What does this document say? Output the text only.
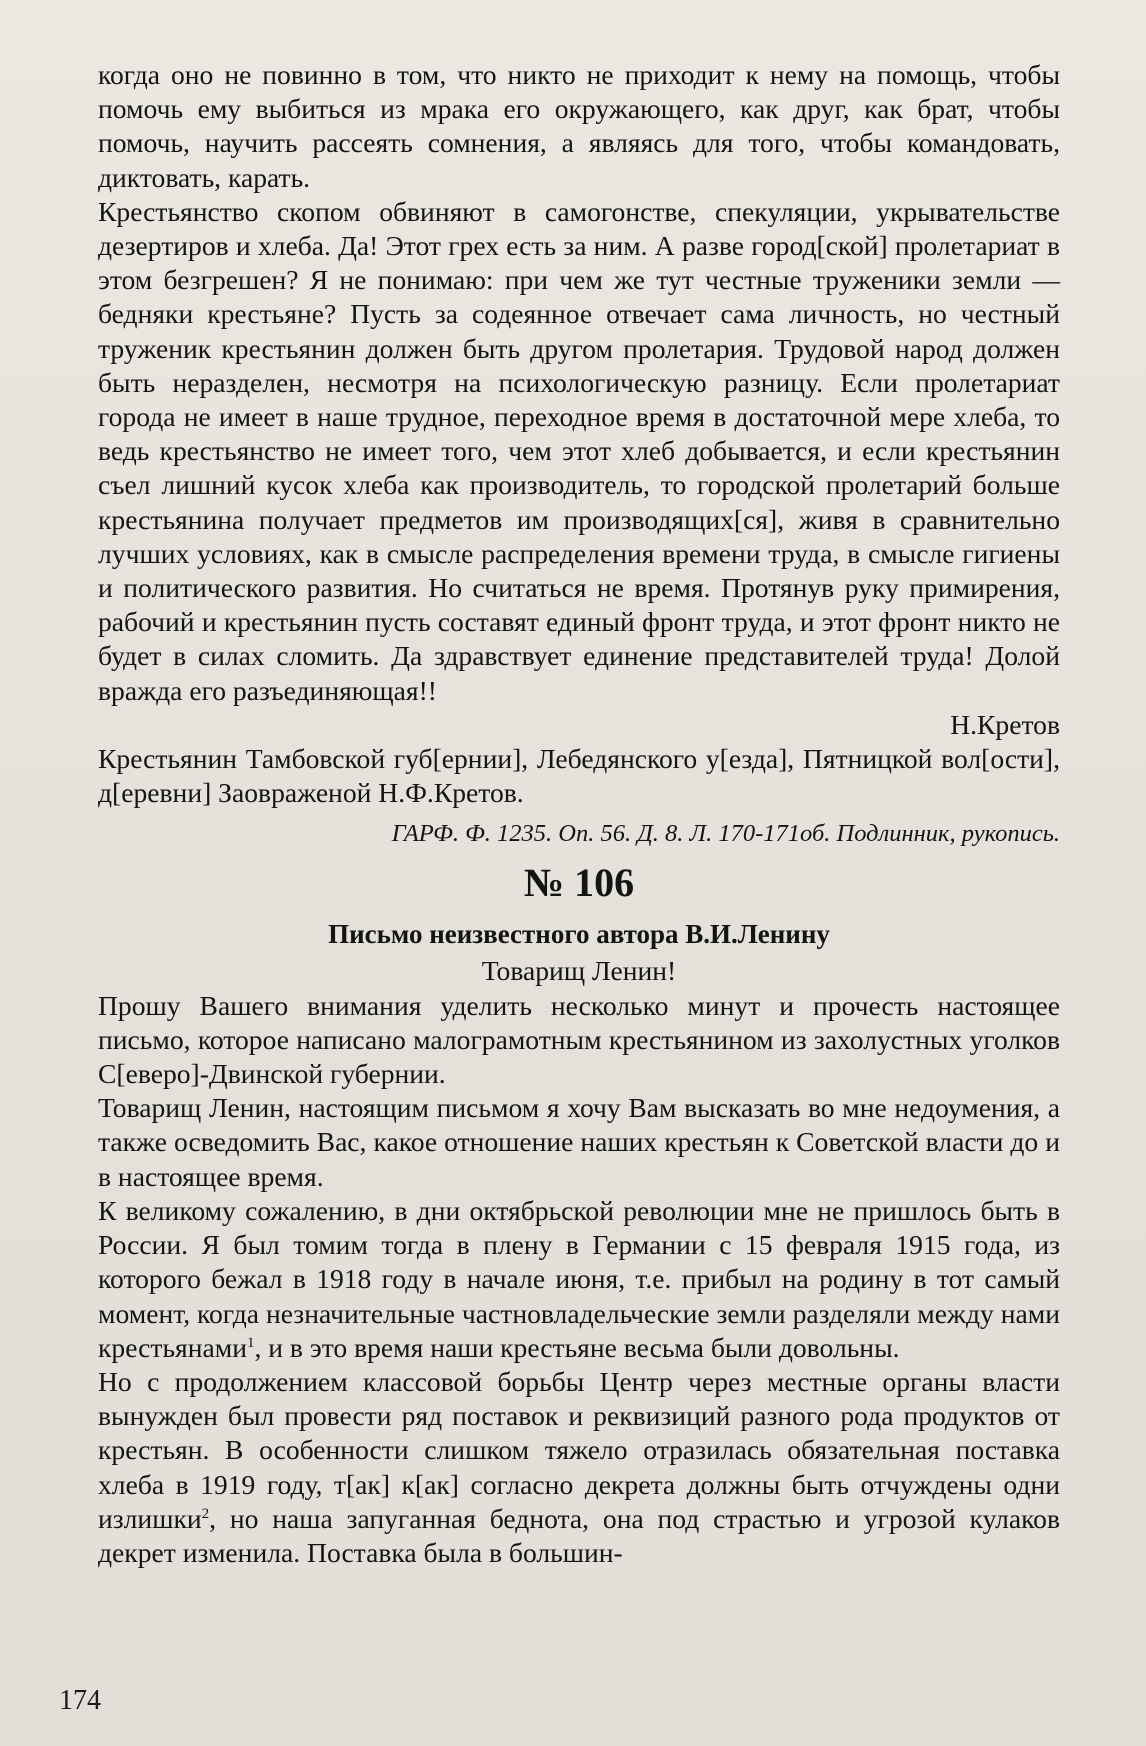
когда оно не повинно в том, что никто не приходит к нему на помощь, чтобы помочь ему выбиться из мрака его окружающего, как друг, как брат, чтобы помочь, научить рассеять сомнения, а являясь для того, чтобы командовать, диктовать, карать.

Крестьянство скопом обвиняют в самогонстве, спекуляции, укрывательстве дезертиров и хлеба. Да! Этот грех есть за ним. А разве город[ской] пролетариат в этом безгрешен? Я не понимаю: при чем же тут честные труженики земли — бедняки крестьяне? Пусть за содеянное отвечает сама личность, но честный труженик крестьянин должен быть другом пролетария. Трудовой народ должен быть неразделен, несмотря на психологическую разницу. Если пролетариат города не имеет в наше трудное, переходное время в достаточной мере хлеба, то ведь крестьянство не имеет того, чем этот хлеб добывается, и если крестьянин съел лишний кусок хлеба как производитель, то городской пролетарий больше крестьянина получает предметов им производящих[ся], живя в сравнительно лучших условиях, как в смысле распределения времени труда, в смысле гигиены и политического развития. Но считаться не время. Протянув руку примирения, рабочий и крестьянин пусть составят единый фронт труда, и этот фронт никто не будет в силах сломить. Да здравствует единение представителей труда! Долой вражда его разъединяющая!!

Н.Кретов

Крестьянин Тамбовской губ[ернии], Лебедянского у[езда], Пятницкой вол[ости], д[еревни] Заовраженой Н.Ф.Кретов.

ГАРФ. Ф. 1235. Оп. 56. Д. 8. Л. 170-171об. Подлинник, рукопись.

№ 106
Письмо неизвестного автора В.И.Ленину

Товарищ Ленин!

Прошу Вашего внимания уделить несколько минут и прочесть настоящее письмо, которое написано малограмотным крестьянином из захолустных уголков С[еверо]-Двинской губернии.

Товарищ Ленин, настоящим письмом я хочу Вам высказать во мне недоумения, а также осведомить Вас, какое отношение наших крестьян к Советской власти до и в настоящее время.

К великому сожалению, в дни октябрьской революции мне не пришлось быть в России. Я был томим тогда в плену в Германии с 15 февраля 1915 года, из которого бежал в 1918 году в начале июня, т.е. прибыл на родину в тот самый момент, когда незначительные частновладельческие земли разделяли между нами крестьянами$^1$, и в это время наши крестьяне весьма были довольны.

Но с продолжением классовой борьбы Центр через местные органы власти вынужден был провести ряд поставок и реквизиций разного рода продуктов от крестьян. В особенности слишком тяжело отразилась обязательная поставка хлеба в 1919 году, т[ак] к[ак] согласно декрета должны быть отчуждены одни излишки$^2$, но наша запуганная беднота, она под страстью и угрозой кулаков декрет изменила. Поставка была в большин-

174
